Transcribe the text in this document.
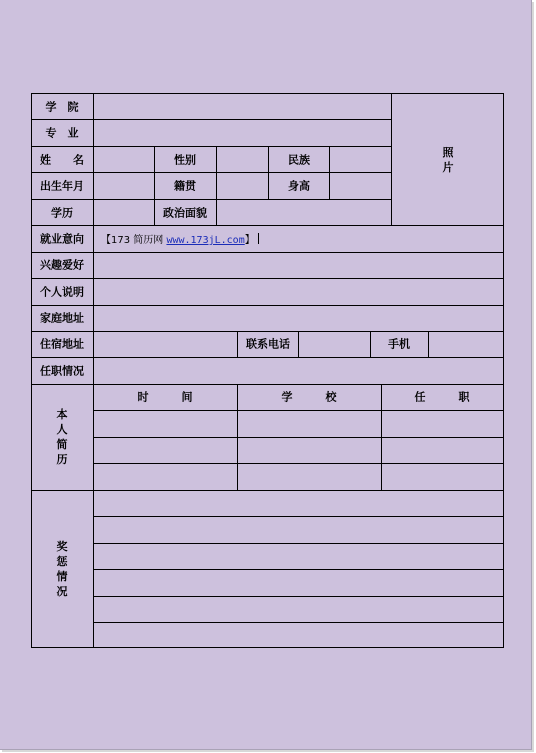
学　院
专　业
姓　　名	性别	民族
出生年月	籍贯	身高
学历	政治面貌
照片
就业意向 【173 简历网 www.173jL.com】
兴趣爱好
个人说明
家庭地址
住宿地址	联系电话	手机
任职情况
本人简历
时　　　间	学　　　校	任　　　职
奖惩情况
